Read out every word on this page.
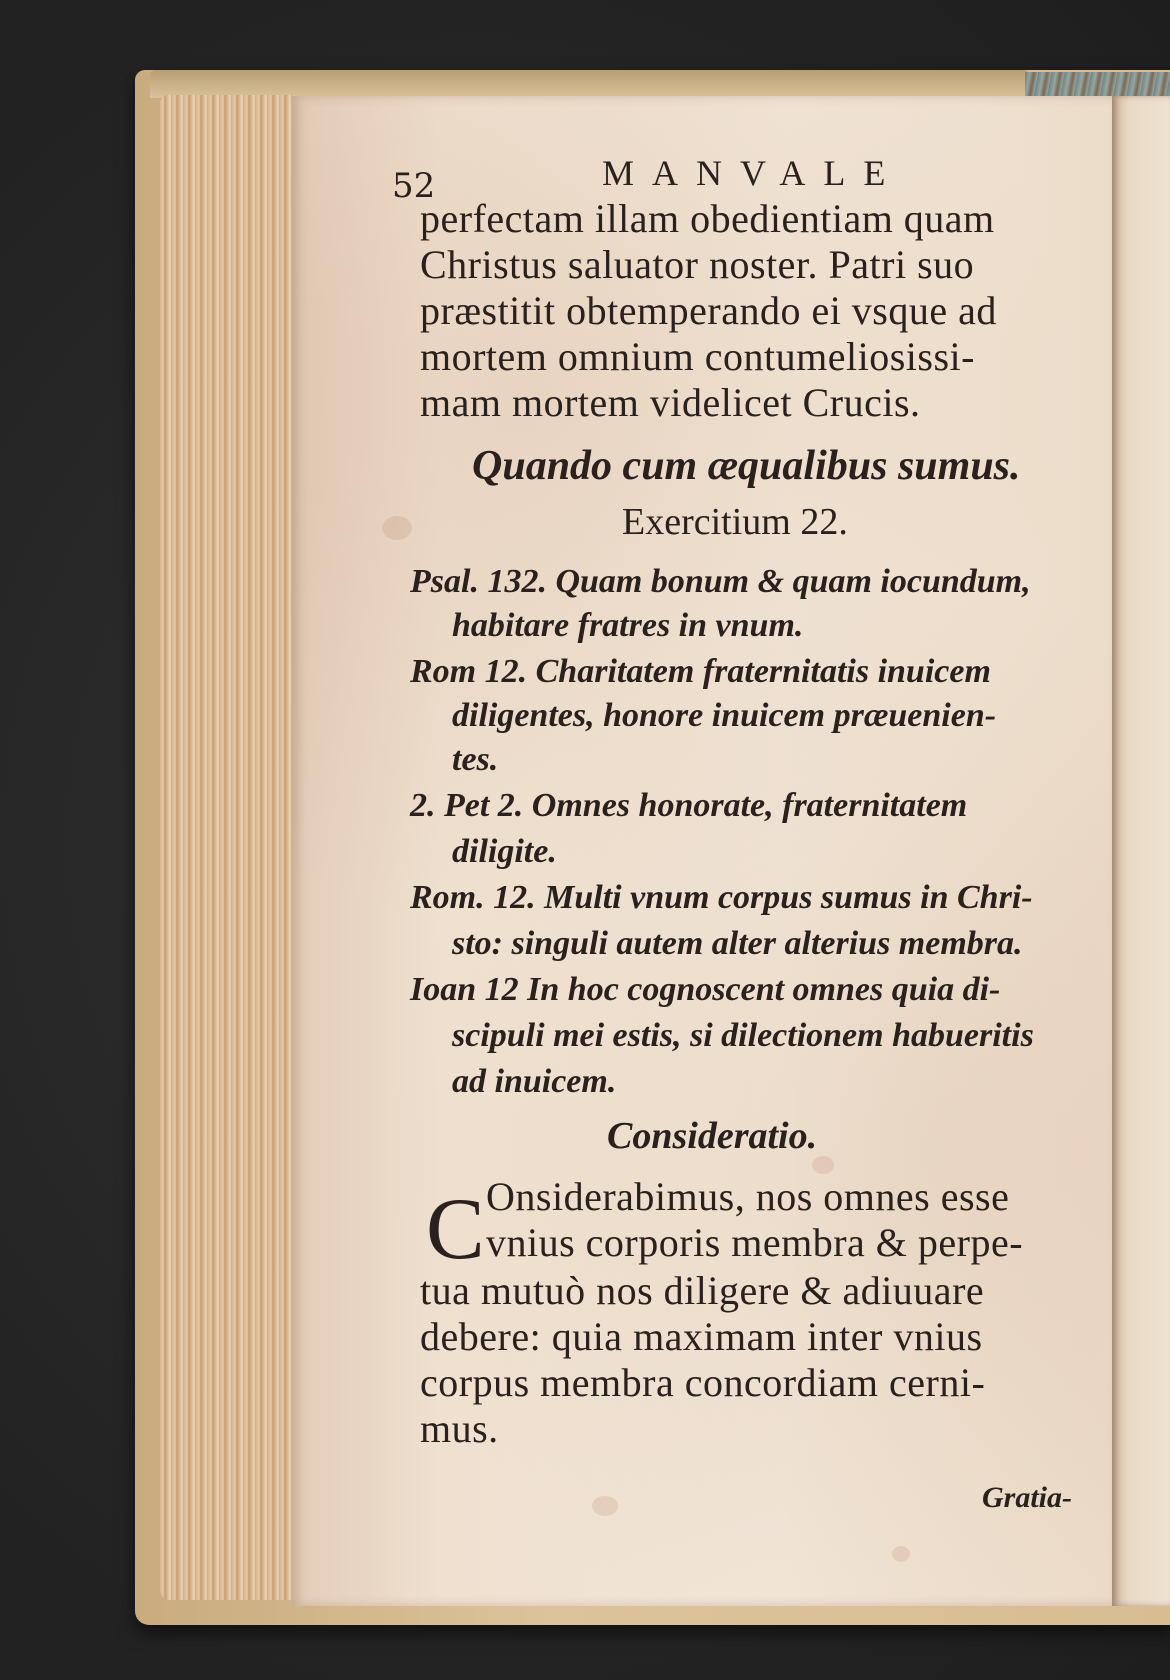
52	MANVALE
perfectam illam obedientiam quam
Christus saluator noster. Patri suo
præstitit obtemperando ei vsque ad
mortem omnium contumeliosissi-
mam mortem videlicet Crucis.
Quando cum æqualibus sumus.
Exercitium 22.
Psal. 132. Quam bonum & quam iocundum,
habitare fratres in vnum.
Rom 12. Charitatem fraternitatis inuicem
diligentes, honore inuicem præuenien-
tes.
2. Pet 2. Omnes honorate, fraternitatem
diligite.
Rom. 12. Multi vnum corpus sumus in Chri-
sto: singuli autem alter alterius membra.
Ioan 12 In hoc cognoscent omnes quia di-
scipuli mei estis, si dilectionem habueritis
ad inuicem.
Consideratio.
C Onsiderabimus, nos omnes esse
vnius corporis membra & perpe-
tua mutuò nos diligere & adiuuare
debere: quia maximam inter vnius
corpus membra concordiam cerni-
mus.
Gratia-
